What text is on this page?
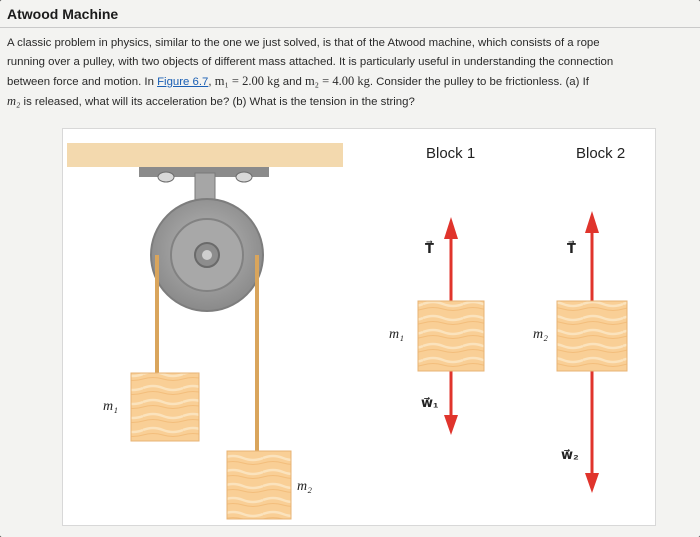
Atwood Machine
A classic problem in physics, similar to the one we just solved, is that of the Atwood machine, which consists of a rope
running over a pulley, with two objects of different mass attached. It is particularly useful in understanding the connection
between force and motion. In Figure 6.7, m₁ = 2.00 kg and m₂ = 4.00 kg. Consider the pulley to be frictionless. (a) If
m₂ is released, what will its acceleration be? (b) What is the tension in the string?
Block 1	Block 2
m₁
m₂
m₁	m₂
T⃗	T⃗
w⃗₁
w⃗₂
